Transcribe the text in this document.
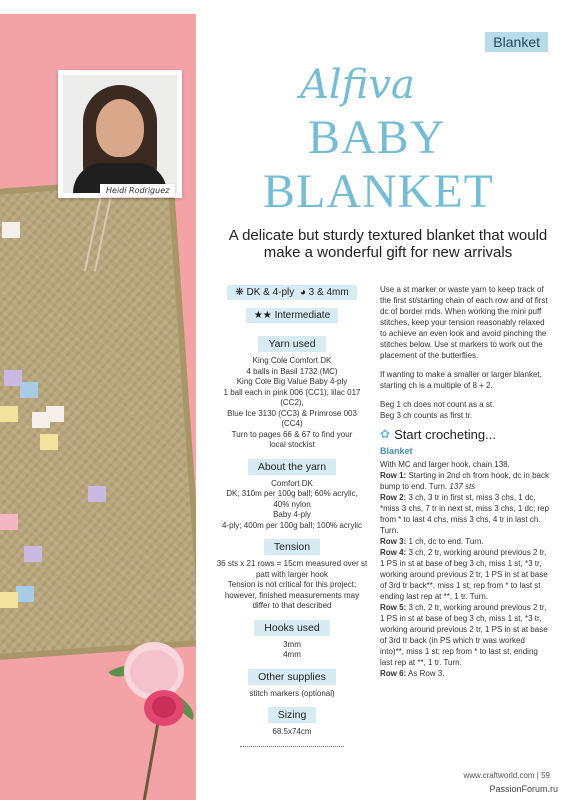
Heidi Rodriguez
Blanket
Alfiva
BABY
BLANKET
A delicate but sturdy textured blanket that would make a wonderful gift for new arrivals
❋ DK & 4-ply ◕ 3 & 4mm ★★ Intermediate Yarn used
King Cole Comfort DK
4 balls in Basil 1732 (MC)
King Cole Big Value Baby 4-ply
1 ball each in pink 006 (CC1), lilac 017 (CC2),
Blue Ice 3130 (CC3) & Primrose 003 (CC4)
Turn to pages 66 & 67 to find your
local stockist
About the yarn
Comfort DK
DK; 310m per 100g ball; 60% acrylic,
40% nylon
Baby 4-ply
4-ply; 400m per 100g ball; 100% acrylic
Tension
36 sts x 21 rows = 15cm measured over st
patt with larger hook
Tension is not critical for this project;
however, finished measurements may
differ to that described
Hooks used
3mm
4mm
Other supplies
stitch markers (optional)
Sizing
68.5x74cm

Use a st marker or waste yarn to keep track of the first st/starting chain of each row and of first dc of border rnds. When working the mini puff stitches, keep your tension reasonably relaxed to achieve an even look and avoid pinching the stitches below. Use st markers to work out the placement of the butterflies.

If wanting to make a smaller or larger blanket, starting ch is a multiple of 8 + 2.

Beg 1 ch does not count as a st.
Beg 3 ch counts as first tr.

✿ Start crocheting...
Blanket
With MC and larger hook, chain 138.
Row 1: Starting in 2nd ch from hook, dc in back bump to end. Turn. 137 sts
Row 2: 3 ch, 3 tr in first st, miss 3 chs, 1 dc, *miss 3 chs, 7 tr in next st, miss 3 chs, 1 dc; rep from * to last 4 chs, miss 3 chs, 4 tr in last ch. Turn.
Row 3: 1 ch, dc to end. Turn.
Row 4: 3 ch, 2 tr, working around previous 2 tr, 1 PS in st at base of beg 3 ch, miss 1 st, *3 tr, working around previous 2 tr, 1 PS in st at base of 3rd tr back**, miss 1 st; rep from * to last st ending last rep at **, 1 tr. Turn.
Row 5: 3 ch, 2 tr, working around previous 2 tr, 1 PS in st at base of beg 3 ch, miss 1 st, *3 tr, working around previous 2 tr, 1 PS in st at base of 3rd tr back (in PS which tr was worked into)**, miss 1 st; rep from * to last st, ending last rep at **, 1 tr. Turn.
Row 6: As Row 3.
www.craftworld.com | 59
PassionForum.ru
